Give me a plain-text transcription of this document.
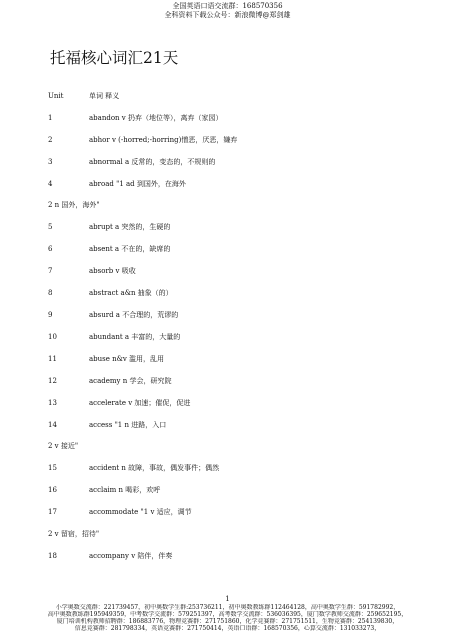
全国英语口语交流群：168570356
全科资料下载公众号：新浪微博@郑剑雄
托福核心词汇21天
Unit	单词 释义
1	abandon v 扔弃（地位等），离弃（家园）
2	abhor v (-horred;-horring)憎恶，厌恶，嫌弃
3	abnormal a 反常的，变态的，不规则的
4	abroad "1 ad 到国外，在海外
2 n 国外，海外"
5	abrupt a 突然的，生硬的
6	absent a 不在的，缺席的
7	absorb v 吸收
8	abstract a&n 抽象（的）
9	absurd a 不合理的，荒谬的
10	abundant a 丰富的，大量的
11	abuse n&v 滥用，乱用
12	academy n 学会，研究院
13	accelerate v 加速；催促，促进
14	access "1 n 进路，入口
2 v 接近"
15	accident n 故障，事故，偶发事件；偶然
16	acclaim n 喝彩，欢呼
17	accommodate "1 v 适应，调节
2 v 留宿，招待"
18	accompany v 陪伴，伴奏
1
小学奥数交流群：221739457，初中奥数学生群:253736211，初中奥数教练群112464128，高中奥数学生群：591782992，
高中奥数教练群195949359，中考数学交流群：579251397，高考数学交流群：536036395，厦门数学教师交流群：259652195，
厦门培训机构教师招聘群：186883776，物理竞赛群：271751860，化学竞赛群：271751511，生物竞赛群：254139830，
信息竞赛群：281798334，英语竞赛群：271750414，英语口语群：168570356，心算交流群：131033273，
